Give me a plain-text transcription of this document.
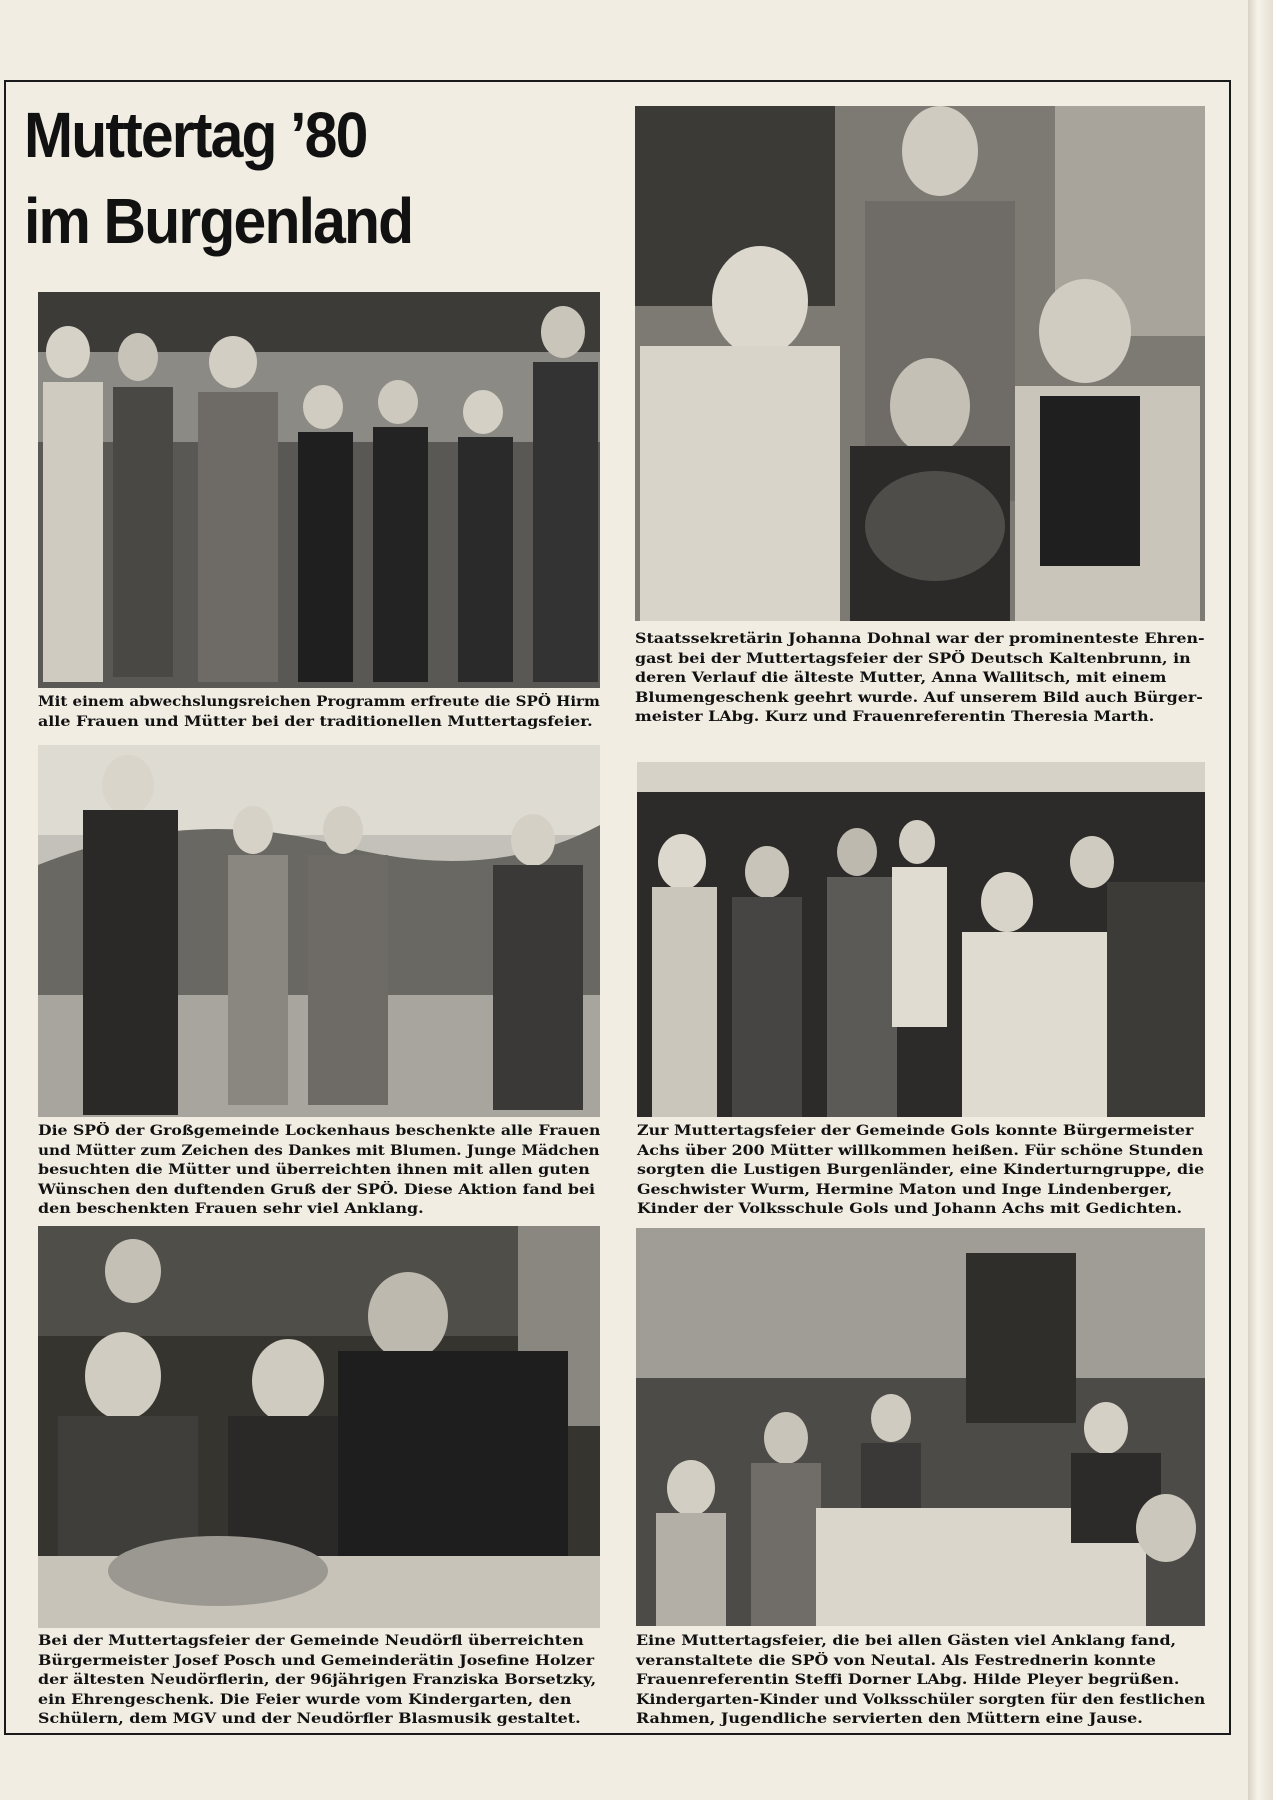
Muttertag ’80
im Burgenland
Mit einem abwechslungsreichen Programm erfreute die SPÖ Hirm
alle Frauen und Mütter bei der traditionellen Muttertagsfeier.
Staatssekretärin Johanna Dohnal war der prominenteste Ehren-
gast bei der Muttertagsfeier der SPÖ Deutsch Kaltenbrunn, in
deren Verlauf die älteste Mutter, Anna Wallitsch, mit einem
Blumengeschenk geehrt wurde. Auf unserem Bild auch Bürger-
meister LAbg. Kurz und Frauenreferentin Theresia Marth.
Die SPÖ der Großgemeinde Lockenhaus beschenkte alle Frauen
und Mütter zum Zeichen des Dankes mit Blumen. Junge Mädchen
besuchten die Mütter und überreichten ihnen mit allen guten
Wünschen den duftenden Gruß der SPÖ. Diese Aktion fand bei
den beschenkten Frauen sehr viel Anklang.
Zur Muttertagsfeier der Gemeinde Gols konnte Bürgermeister
Achs über 200 Mütter willkommen heißen. Für schöne Stunden
sorgten die Lustigen Burgenländer, eine Kinderturngruppe, die
Geschwister Wurm, Hermine Maton und Inge Lindenberger,
Kinder der Volksschule Gols und Johann Achs mit Gedichten.
Bei der Muttertagsfeier der Gemeinde Neudörfl überreichten
Bürgermeister Josef Posch und Gemeinderätin Josefine Holzer
der ältesten Neudörflerin, der 96jährigen Franziska Borsetzky,
ein Ehrengeschenk. Die Feier wurde vom Kindergarten, den
Schülern, dem MGV und der Neudörfler Blasmusik gestaltet.
Eine Muttertagsfeier, die bei allen Gästen viel Anklang fand,
veranstaltete die SPÖ von Neutal. Als Festrednerin konnte
Frauenreferentin Steffi Dorner LAbg. Hilde Pleyer begrüßen.
Kindergarten-Kinder und Volksschüler sorgten für den festlichen
Rahmen, Jugendliche servierten den Müttern eine Jause.
